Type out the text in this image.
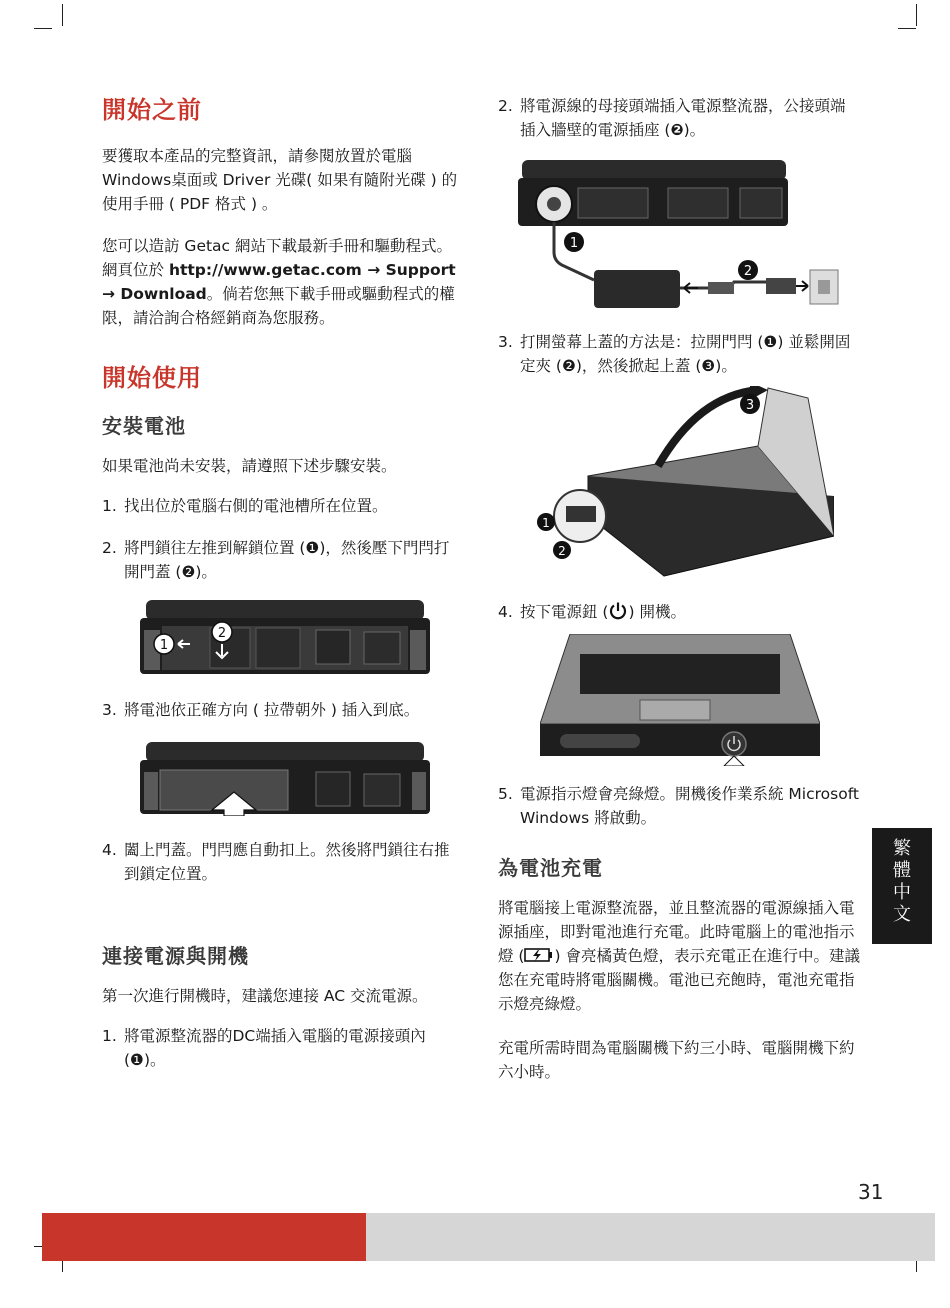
開始之前
要獲取本產品的完整資訊，請參閱放置於電腦Windows桌面或 Driver 光碟( 如果有隨附光碟 ) 的使用手冊 ( PDF 格式 ) 。
您可以造訪 Getac 網站下載最新手冊和驅動程式。網頁位於 http://www.getac.com → Support → Download。倘若您無下載手冊或驅動程式的權限，請洽詢合格經銷商為您服務。
開始使用
安裝電池
如果電池尚未安裝，請遵照下述步驟安裝。
1. 找出位於電腦右側的電池槽所在位置。
2. 將門鎖往左推到解鎖位置 (❶)，然後壓下門閂打開門蓋 (❷)。
1
2
3. 將電池依正確方向 ( 拉帶朝外 ) 插入到底。
4. 闔上門蓋。門閂應自動扣上。然後將門鎖往右推到鎖定位置。
連接電源與開機
第一次進行開機時，建議您連接 AC 交流電源。
1. 將電源整流器的DC端插入電腦的電源接頭內 (❶)。
2. 將電源線的母接頭端插入電源整流器，公接頭端插入牆壁的電源插座 (❷)。
1
2
3. 打開螢幕上蓋的方法是：拉開門閂 (❶) 並鬆開固定夾 (❷)，然後掀起上蓋 (❸)。
3
1
2
4. 按下電源鈕 ( ) 開機。
5. 電源指示燈會亮綠燈。開機後作業系統 Microsoft Windows 將啟動。
為電池充電
將電腦接上電源整流器，並且整流器的電源線插入電源插座，即對電池進行充電。此時電腦上的電池指示燈 ( ) 會亮橘黃色燈，表示充電正在進行中。建議您在充電時將電腦關機。電池已充飽時，電池充電指示燈亮綠燈。
充電所需時間為電腦關機下約三小時、電腦開機下約六小時。
繁
體
中
文
31
